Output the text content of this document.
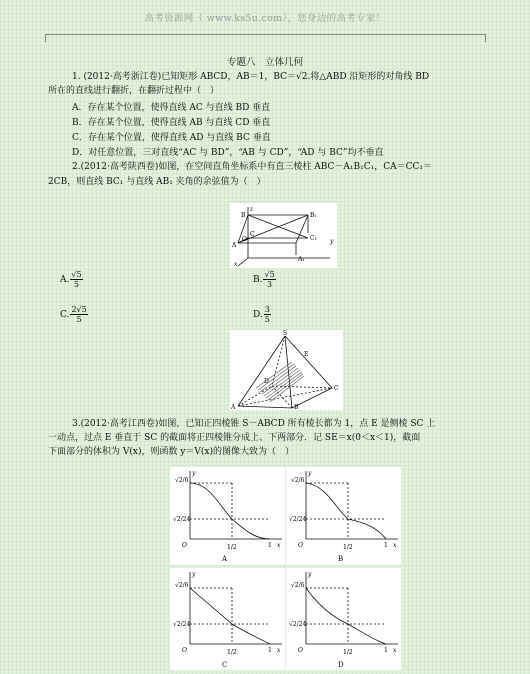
高考资源网（ www.ks5u.com），您身边的高考专家！
专题八　立体几何
1. (2012·高考浙江卷)已知矩形 ABCD，AB＝1，BC＝√2.将△ABD 沿矩形的对角线 BD
所在的直线进行翻折，在翻折过程中（　）
A．存在某个位置，使得直线 AC 与直线 BD 垂直
B．存在某个位置，使得直线 AB 与直线 CD 垂直
C．存在某个位置，使得直线 AD 与直线 BC 垂直
D．对任意位置，三对直线“AC 与 BD”，“AB 与 CD”，“AD 与 BC”均不垂直
2.(2012·高考陕西卷)如图，在空间直角坐标系中有直三棱柱 ABC－A₁B₁C₁，CA＝CC₁＝
2CB，则直线 BC₁ 与直线 AB₁ 夹角的余弦值为（　）
z
B	B₁
O
C
C₁ y
A
A₁
x
A. $\frac{√5}{5}$	B. $\frac{√5}{3}$
C. $\frac{2√5}{5}$	D. $\frac{3}{5}$
S
E
D
C
A	B
3.(2012·高考江西卷)如图，已知正四棱锥 S－ABCD 所有棱长都为 1，点 E 是侧棱 SC 上
一动点，过点 E 垂直于 SC 的截面将正四棱锥分成上、下两部分．记 SE＝x(0＜x＜1)，截面
下面部分的体积为 V(x)，则函数 y＝V(x)的图像大致为（　）
y
√2/6
√2/24
O	1/2	1 x
A
y
√2/6
√2/24
O	1/2	1 x
B
y
√2/6
√2/24
O	1/2	1 x
C
y
√2/6
√2/24
O	1/2	1 x
D
